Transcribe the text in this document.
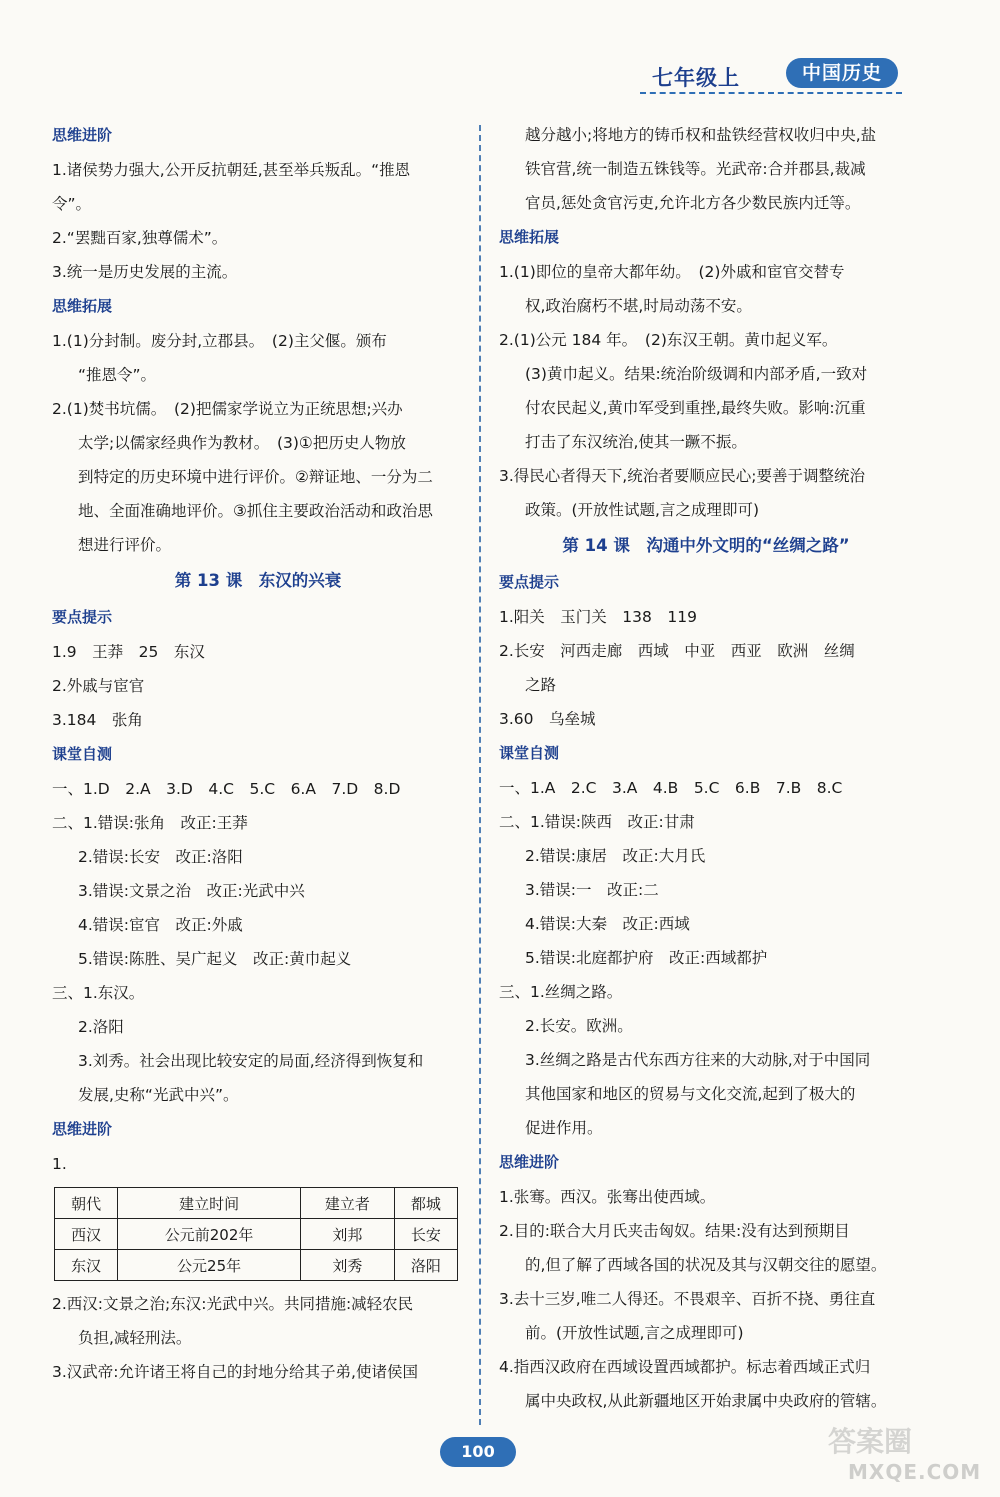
七年级上	中国历史
思维进阶
1.诸侯势力强大,公开反抗朝廷,甚至举兵叛乱。“推恩
令”。
2.“罢黜百家,独尊儒术”。
3.统一是历史发展的主流。
思维拓展
1.(1)分封制。废分封,立郡县。　(2)主父偃。颁布
“推恩令”。
2.(1)焚书坑儒。　(2)把儒家学说立为正统思想;兴办
太学;以儒家经典作为教材。　(3)①把历史人物放
到特定的历史环境中进行评价。②辩证地、一分为二
地、全面准确地评价。③抓住主要政治活动和政治思
想进行评价。
第 13 课　东汉的兴衰
要点提示
1.9　王莽　25　东汉
2.外戚与宦官
3.184　张角
课堂自测
一、1.D　2.A　3.D　4.C　5.C　6.A　7.D　8.D
二、1.错误:张角　改正:王莽
2.错误:长安　改正:洛阳
3.错误:文景之治　改正:光武中兴
4.错误:宦官　改正:外戚
5.错误:陈胜、吴广起义　改正:黄巾起义
三、1.东汉。
2.洛阳
3.刘秀。社会出现比较安定的局面,经济得到恢复和
发展,史称“光武中兴”。
思维进阶
1.
朝代	建立时间	建立者	都城
西汉	公元前202年	刘邦	长安
东汉	公元25年	刘秀	洛阳
2.西汉:文景之治;东汉:光武中兴。共同措施:减轻农民
负担,减轻刑法。
3.汉武帝:允许诸王将自己的封地分给其子弟,使诸侯国
越分越小;将地方的铸币权和盐铁经营权收归中央,盐
铁官营,统一制造五铢钱等。光武帝:合并郡县,裁减
官员,惩处贪官污吏,允许北方各少数民族内迁等。
思维拓展
1.(1)即位的皇帝大都年幼。　(2)外戚和宦官交替专
权,政治腐朽不堪,时局动荡不安。
2.(1)公元 184 年。　(2)东汉王朝。黄巾起义军。
(3)黄巾起义。结果:统治阶级调和内部矛盾,一致对
付农民起义,黄巾军受到重挫,最终失败。影响:沉重
打击了东汉统治,使其一蹶不振。
3.得民心者得天下,统治者要顺应民心;要善于调整统治
政策。(开放性试题,言之成理即可)
第 14 课　沟通中外文明的“丝绸之路”
要点提示
1.阳关　玉门关　138　119
2.长安　河西走廊　西域　中亚　西亚　欧洲　丝绸
之路
3.60　乌垒城
课堂自测
一、1.A　2.C　3.A　4.B　5.C　6.B　7.B　8.C
二、1.错误:陕西　改正:甘肃
2.错误:康居　改正:大月氏
3.错误:一　改正:二
4.错误:大秦　改正:西域
5.错误:北庭都护府　改正:西域都护
三、1.丝绸之路。
2.长安。欧洲。
3.丝绸之路是古代东西方往来的大动脉,对于中国同
其他国家和地区的贸易与文化交流,起到了极大的
促进作用。
思维进阶
1.张骞。西汉。张骞出使西域。
2.目的:联合大月氏夹击匈奴。结果:没有达到预期目
的,但了解了西域各国的状况及其与汉朝交往的愿望。
3.去十三岁,唯二人得还。不畏艰辛、百折不挠、勇往直
前。(开放性试题,言之成理即可)
4.指西汉政府在西域设置西域都护。标志着西域正式归
属中央政权,从此新疆地区开始隶属中央政府的管辖。
100	答案圈
MXQE.COM
